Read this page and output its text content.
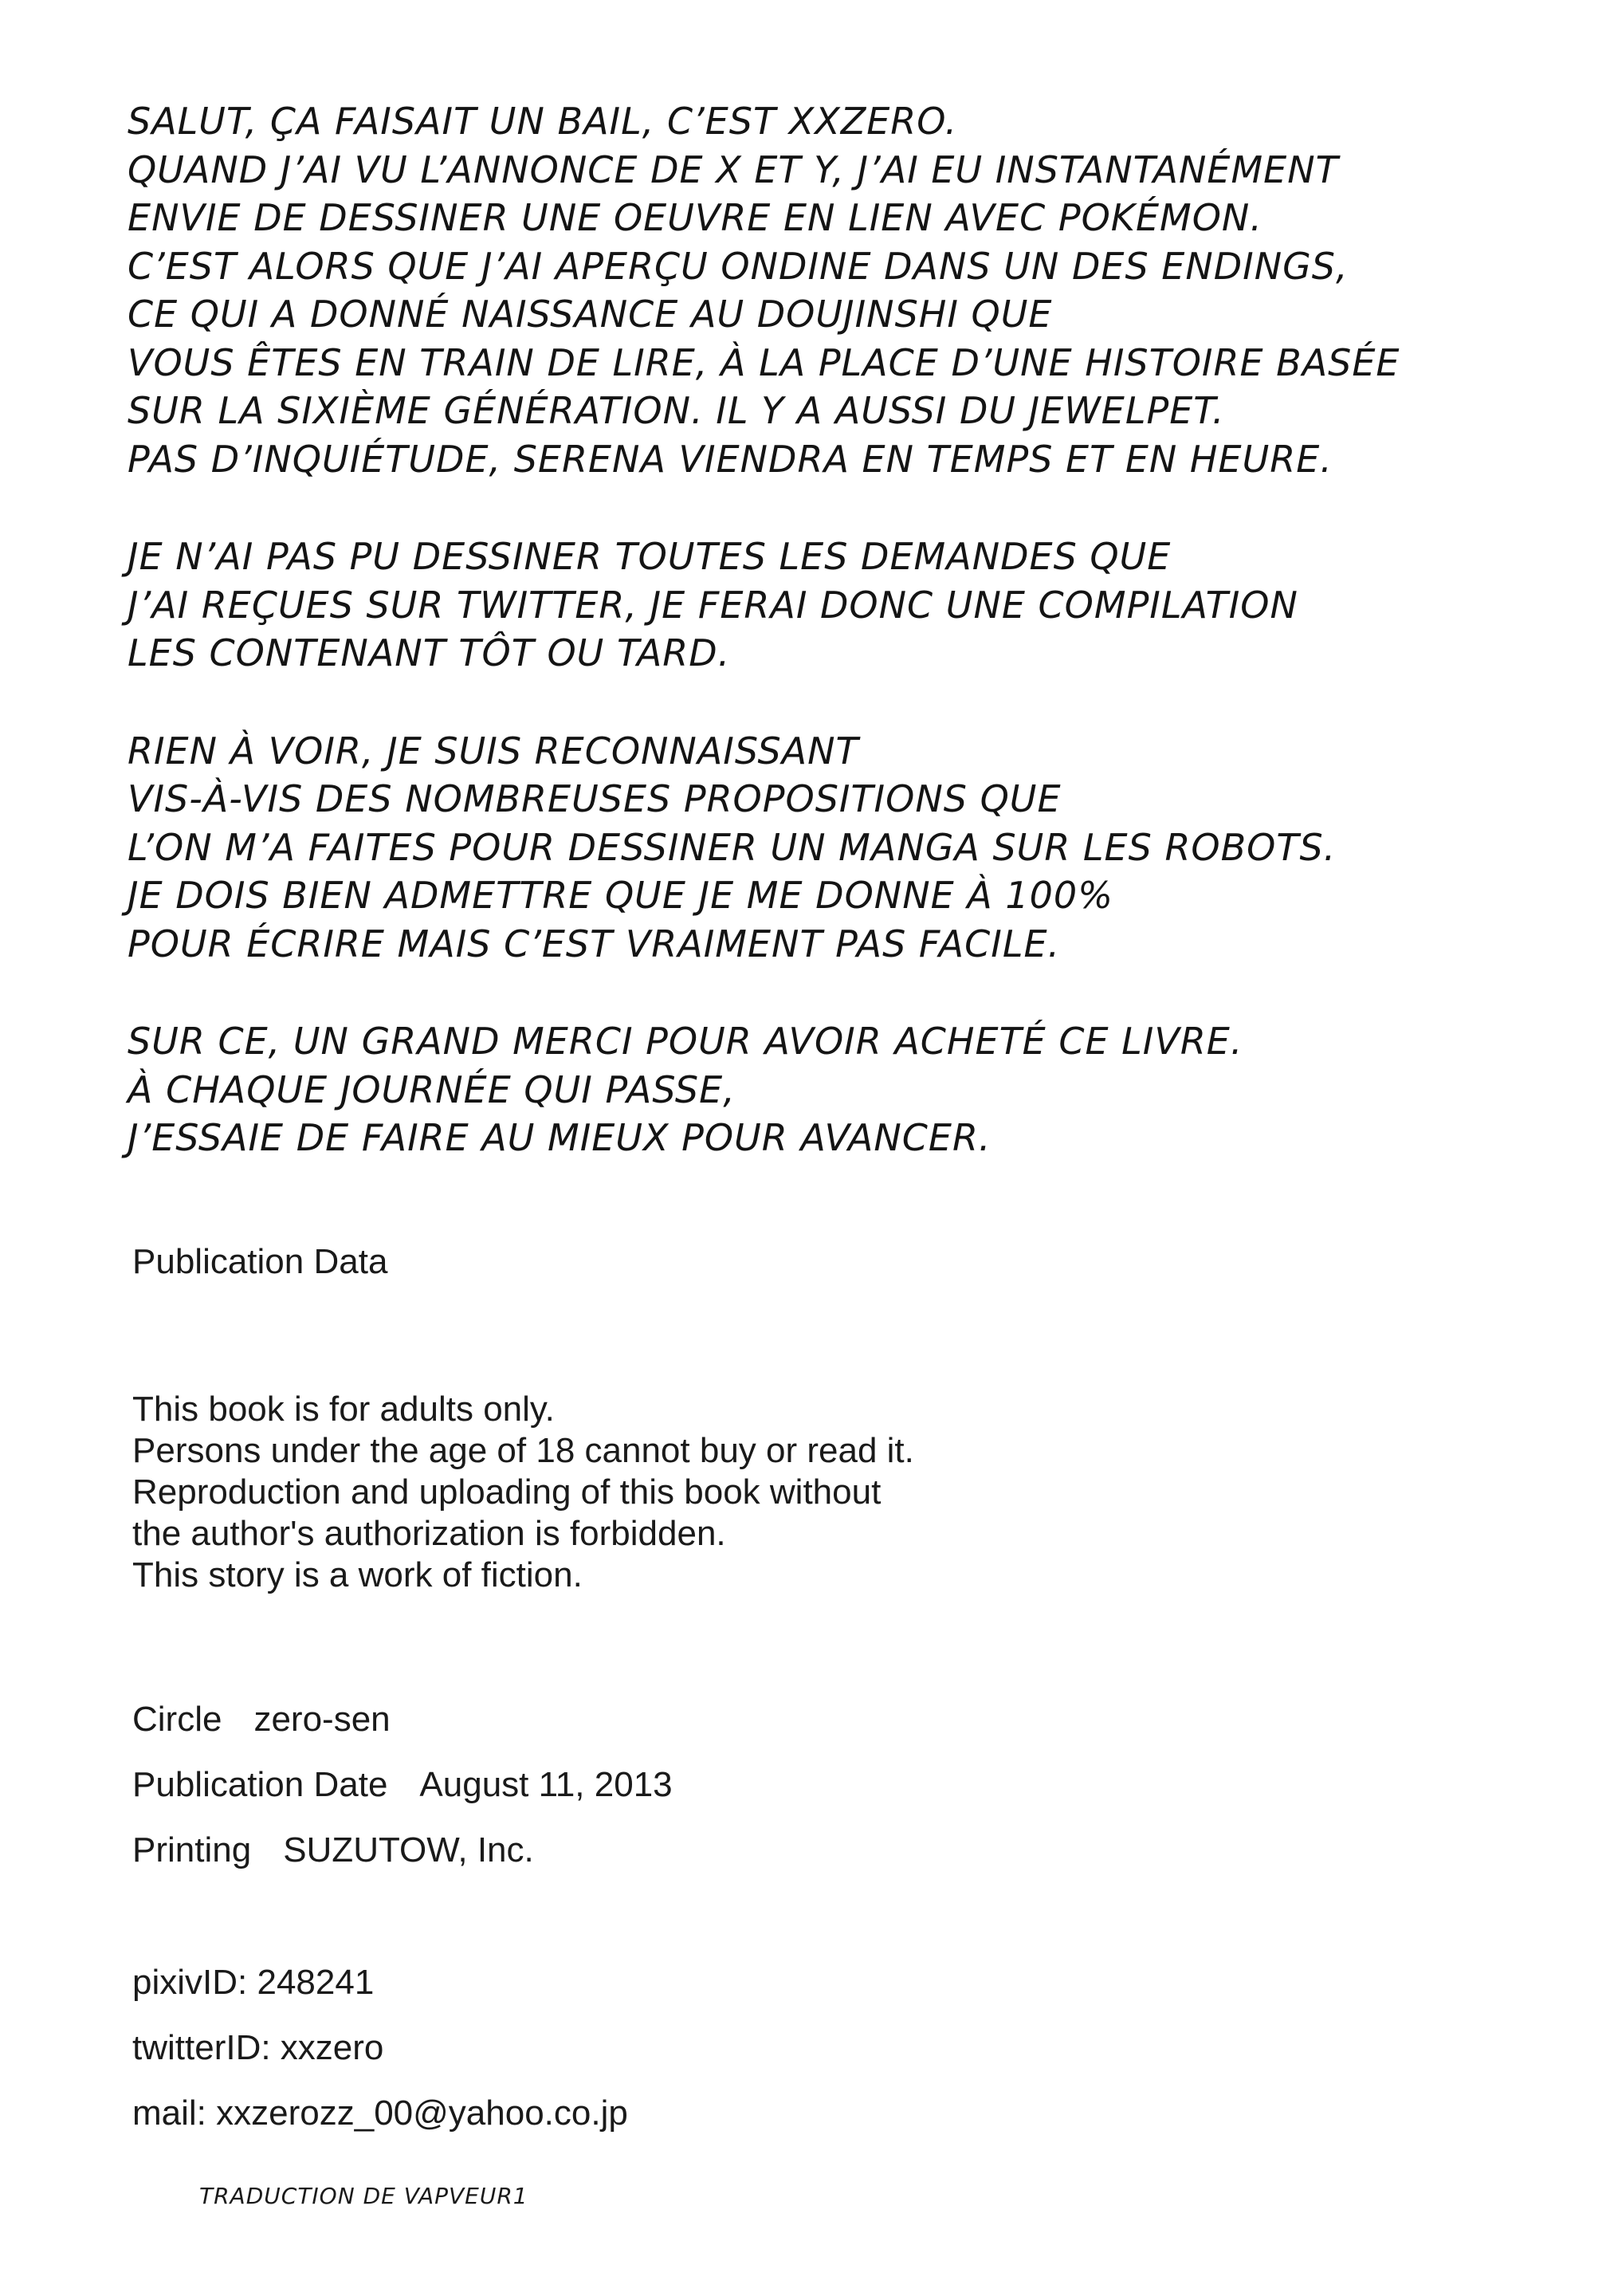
SALUT, ÇA FAISAIT UN BAIL, C’EST XXZERO.
QUAND J’AI VU L’ANNONCE DE X ET Y, J’AI EU INSTANTANÉMENT
ENVIE DE DESSINER UNE OEUVRE EN LIEN AVEC POKÉMON.
C’EST ALORS QUE J’AI APERÇU ONDINE DANS UN DES ENDINGS,
CE QUI A DONNÉ NAISSANCE AU DOUJINSHI QUE
VOUS ÊTES EN TRAIN DE LIRE, À LA PLACE D’UNE HISTOIRE BASÉE
SUR LA SIXIÈME GÉNÉRATION. IL Y A AUSSI DU JEWELPET.
PAS D’INQUIÉTUDE, SERENA VIENDRA EN TEMPS ET EN HEURE.
JE N’AI PAS PU DESSINER TOUTES LES DEMANDES QUE
J’AI REÇUES SUR TWITTER, JE FERAI DONC UNE COMPILATION
LES CONTENANT TÔT OU TARD.
RIEN À VOIR, JE SUIS RECONNAISSANT
VIS-À-VIS DES NOMBREUSES PROPOSITIONS QUE
L’ON M’A FAITES POUR DESSINER UN MANGA SUR LES ROBOTS.
JE DOIS BIEN ADMETTRE QUE JE ME DONNE À 100%
POUR ÉCRIRE MAIS C’EST VRAIMENT PAS FACILE.
SUR CE, UN GRAND MERCI POUR AVOIR ACHETÉ CE LIVRE.
À CHAQUE JOURNÉE QUI PASSE,
J’ESSAIE DE FAIRE AU MIEUX POUR AVANCER.
Publication Data
This book is for adults only.
Persons under the age of 18 cannot buy or read it.
Reproduction and uploading of this book without
the author's authorization is forbidden.
This story is a work of fiction.
Circle zero-sen
Publication Date August 11, 2013
Printing SUZUTOW, Inc.
pixivID: 248241
twitterID: xxzero
mail: xxzerozz_00@yahoo.co.jp
TRADUCTION DE VAPVEUR1
